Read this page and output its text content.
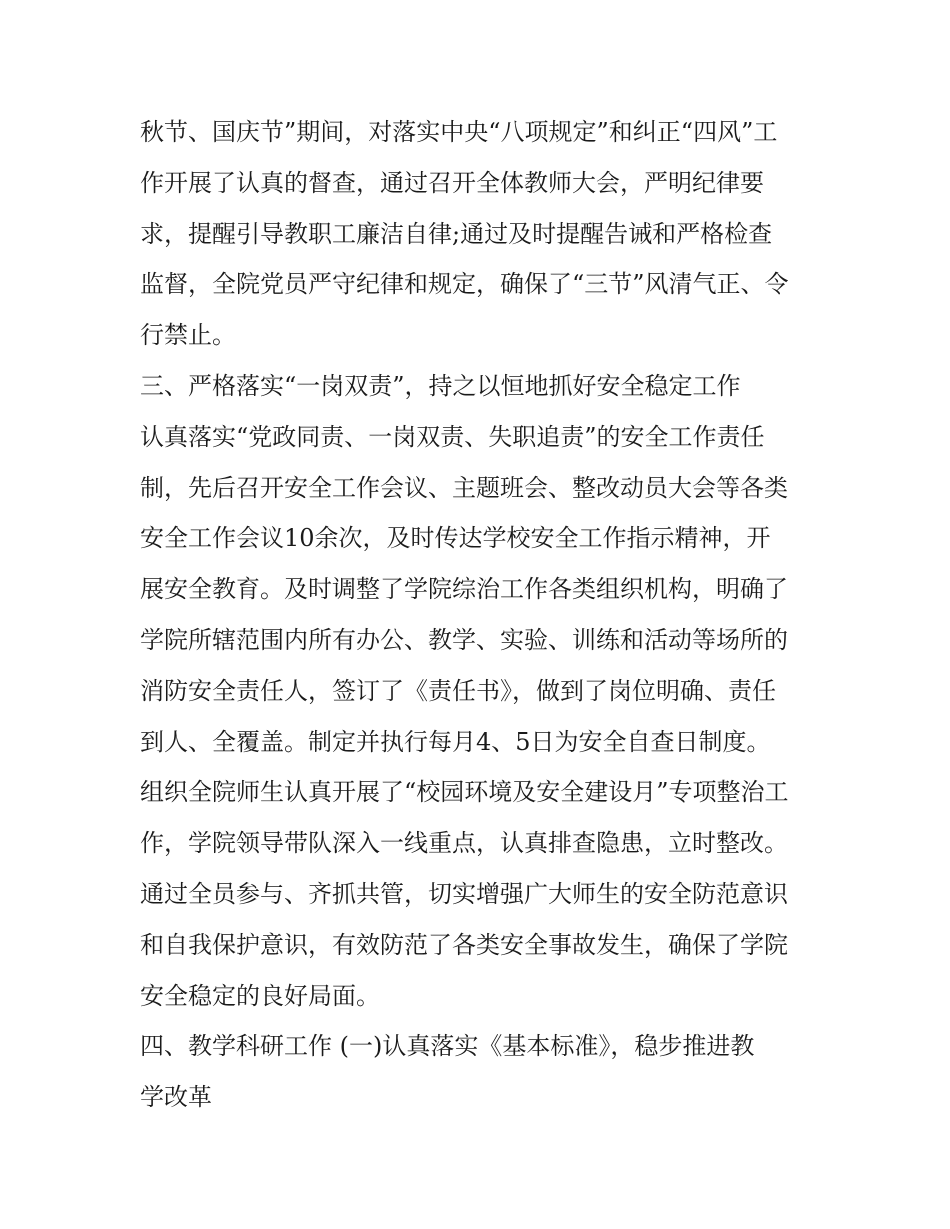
秋节、国庆节”期间，对落实中央“八项规定”和纠正“四风”工
作开展了认真的督查，通过召开全体教师大会，严明纪律要
求，提醒引导教职工廉洁自律;通过及时提醒告诫和严格检查
监督，全院党员严守纪律和规定，确保了“三节”风清气正、令
行禁止。
三、严格落实“一岗双责”，持之以恒地抓好安全稳定工作
认真落实“党政同责、一岗双责、失职追责”的安全工作责任
制，先后召开安全工作会议、主题班会、整改动员大会等各类
安全工作会议10余次，及时传达学校安全工作指示精神，开
展安全教育。及时调整了学院综治工作各类组织机构，明确了
学院所辖范围内所有办公、教学、实验、训练和活动等场所的
消防安全责任人，签订了《责任书》，做到了岗位明确、责任
到人、全覆盖。制定并执行每月4、5日为安全自查日制度。
组织全院师生认真开展了“校园环境及安全建设月”专项整治工
作，学院领导带队深入一线重点，认真排查隐患，立时整改。
通过全员参与、齐抓共管，切实增强广大师生的安全防范意识
和自我保护意识，有效防范了各类安全事故发生，确保了学院
安全稳定的良好局面。
四、教学科研工作 (一)认真落实《基本标准》，稳步推进教
学改革
